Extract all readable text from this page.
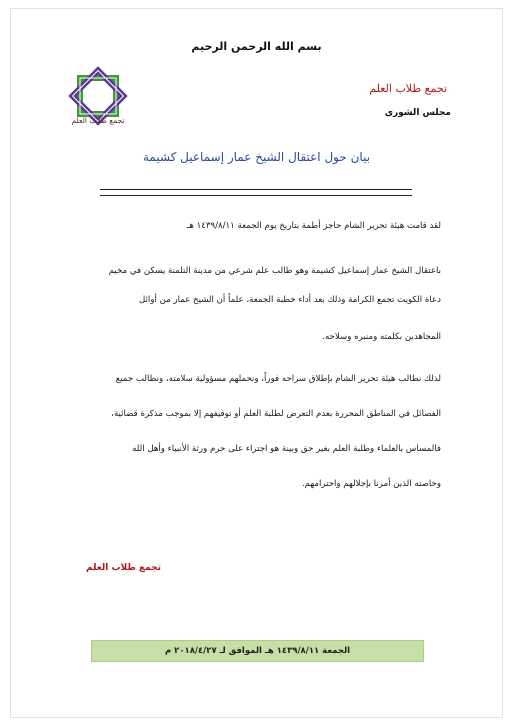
بسم الله الرحمن الرحيم
تجمع طلاب العلم
تجمع طلاب العلم
مجلس الشورى
بيان حول اعتقال الشيخ عمار إسماعيل كشيمة
لقد قامت هيئة تحرير الشام حاجز أطمة بتاريخ يوم الجمعة ١٤٣٩/٨/١١ هـ
باعتقال الشيخ عمار إسماعيل كشيمة وهو طالب علم شرعي من مدينة التلمنة يسكن في مخيم
دعاة الكويت تجمع الكرامة وذلك بعد أداء خطبة الجمعة، علماً أن الشيخ عمار من أوائل
المجاهدين بكلمته ومنبره وسلاحه.
لذلك نطالب هيئة تحرير الشام بإطلاق سراحه فوراً، ونحملهم مسؤولية سلامته، ونطالب جميع
الفصائل في المناطق المحررة بعدم التعرض لطلبة العلم أو توقيفهم إلا بموجب مذكرة قضائية،
فالمساس بالعلماء وطلبة العلم بغير حق وبينة هو اجتراء على حرم ورثة الأنبياء وأهل الله
وخاصته الذين أمرنا بإجلالهم واحترامهم.
تجمع طلاب العلم
الجمعة ١٤٣٩/٨/١١ هـ الموافق لـ ٢٠١٨/٤/٢٧ م
